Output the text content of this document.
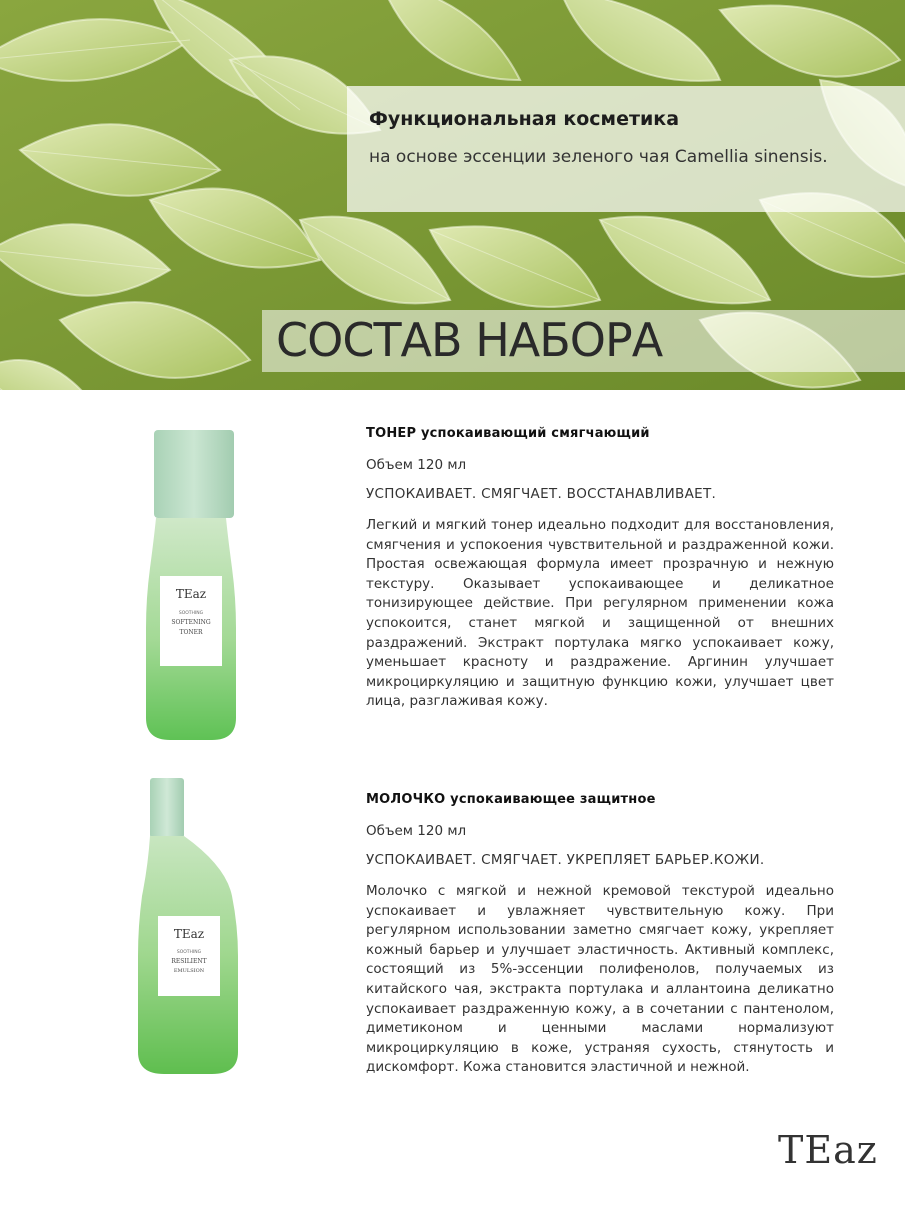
Функциональная косметика

на основе эссенции зеленого чая Camellia sinensis.

СОСТАВ НАБОРА
TEaz
SOOTHING
SOFTENING
TONER

ТОНЕР успокаивающий смягчающий

Объем 120 мл

УСПОКАИВАЕТ. СМЯГЧАЕТ. ВОССТАНАВЛИВАЕТ.

Легкий и мягкий тонер идеально подходит для восстановления, смягчения и успокоения чувствительной и раздраженной кожи. Простая освежающая формула имеет прозрачную и нежную текстуру. Оказывает успокаивающее и деликатное тонизирующее действие. При регулярном применении кожа успокоится, станет мягкой и защищенной от внешних раздражений. Экстракт портулака мягко успокаивает кожу, уменьшает красноту и раздражение. Аргинин улучшает микроциркуляцию и защитную функцию кожи, улучшает цвет лица, разглаживая кожу.

TEaz
SOOTHING
RESILIENT
EMULSION

МОЛОЧКО успокаивающее защитное

Объем 120 мл

УСПОКАИВАЕТ. СМЯГЧАЕТ. УКРЕПЛЯЕТ БАРЬЕР.КОЖИ.

Молочко с мягкой и нежной кремовой текстурой идеально успокаивает и увлажняет чувствительную кожу. При регулярном использовании заметно смягчает кожу, укрепляет кожный барьер и улучшает эластичность. Активный комплекс, состоящий из 5%-эссенции полифенолов, получаемых из китайского чая, экстракта портулака и аллантоина деликатно успокаивает раздраженную кожу, а в сочетании с пантенолом, диметиконом и ценными маслами нормализуют микроциркуляцию в коже, устраняя сухость, стянутость и дискомфорт. Кожа становится эластичной и нежной.

TEaz
